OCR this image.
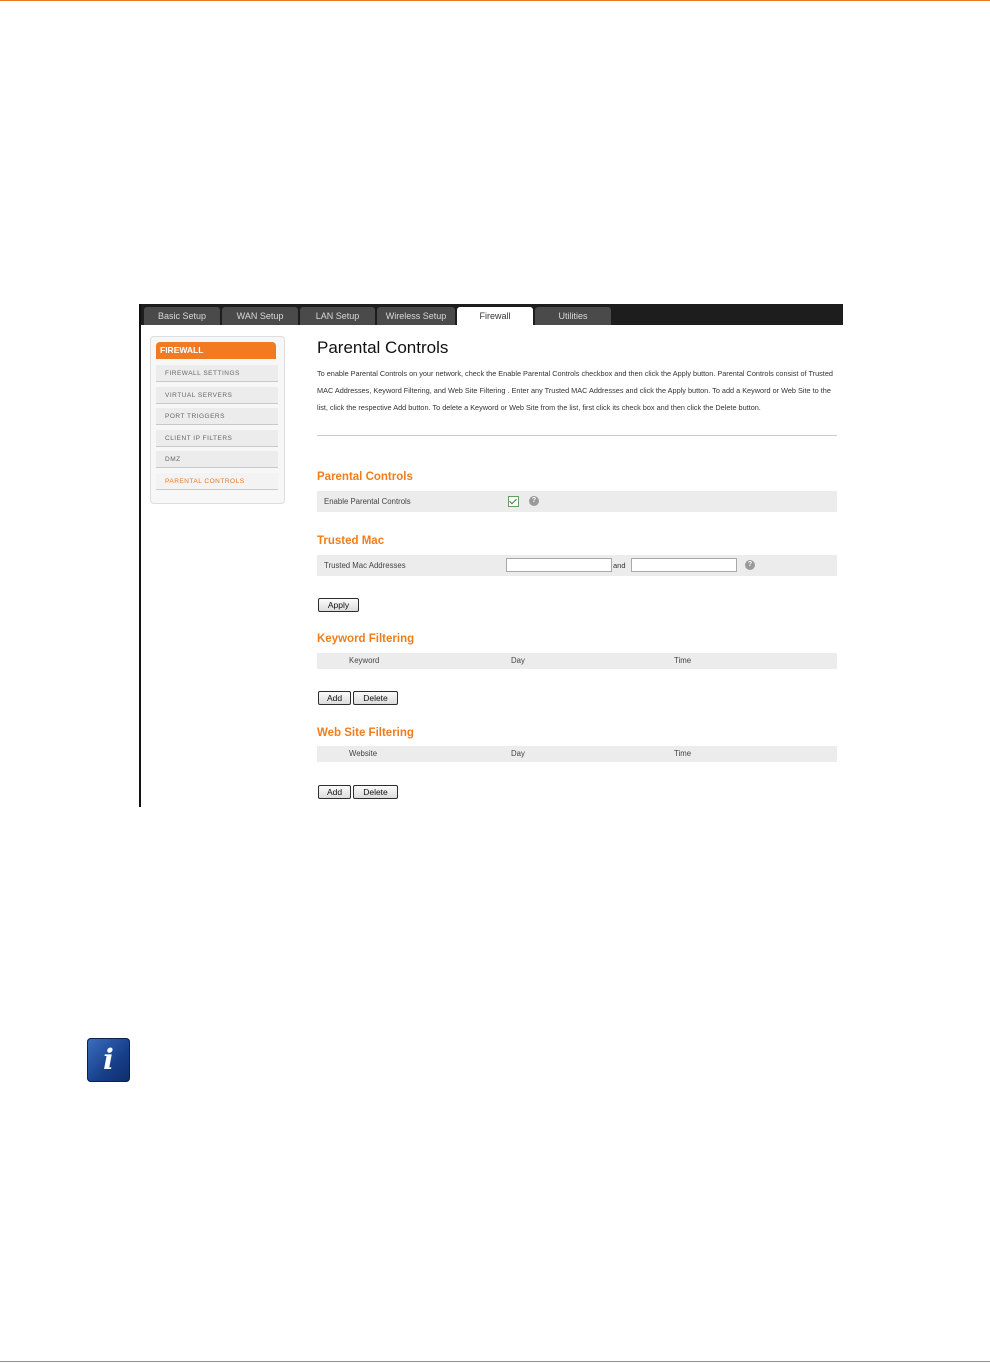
Basic Setup	WAN Setup	LAN Setup	Wireless Setup	Firewall	Utilities
FIREWALL
FIREWALL SETTINGS
VIRTUAL SERVERS
PORT TRIGGERS
CLIENT IP FILTERS
DMZ
PARENTAL CONTROLS
Parental Controls

To enable Parental Controls on your network, check the Enable Parental Controls checkbox and then click the Apply button. Parental Controls consist of Trusted MAC Addresses, Keyword Filtering, and Web Site Filtering . Enter any Trusted MAC Addresses and click the Apply button. To add a Keyword or Web Site to the list, click the respective Add button. To delete a Keyword or Web Site from the list, first click its check box and then click the Delete button.

Parental Controls
Enable Parental Controls	?
Trusted Mac
Trusted Mac Addresses	and	?
Apply
Keyword Filtering
Keyword	Day	Time
Add	Delete
Web Site Filtering
Website	Day	Time
Add	Delete
i
